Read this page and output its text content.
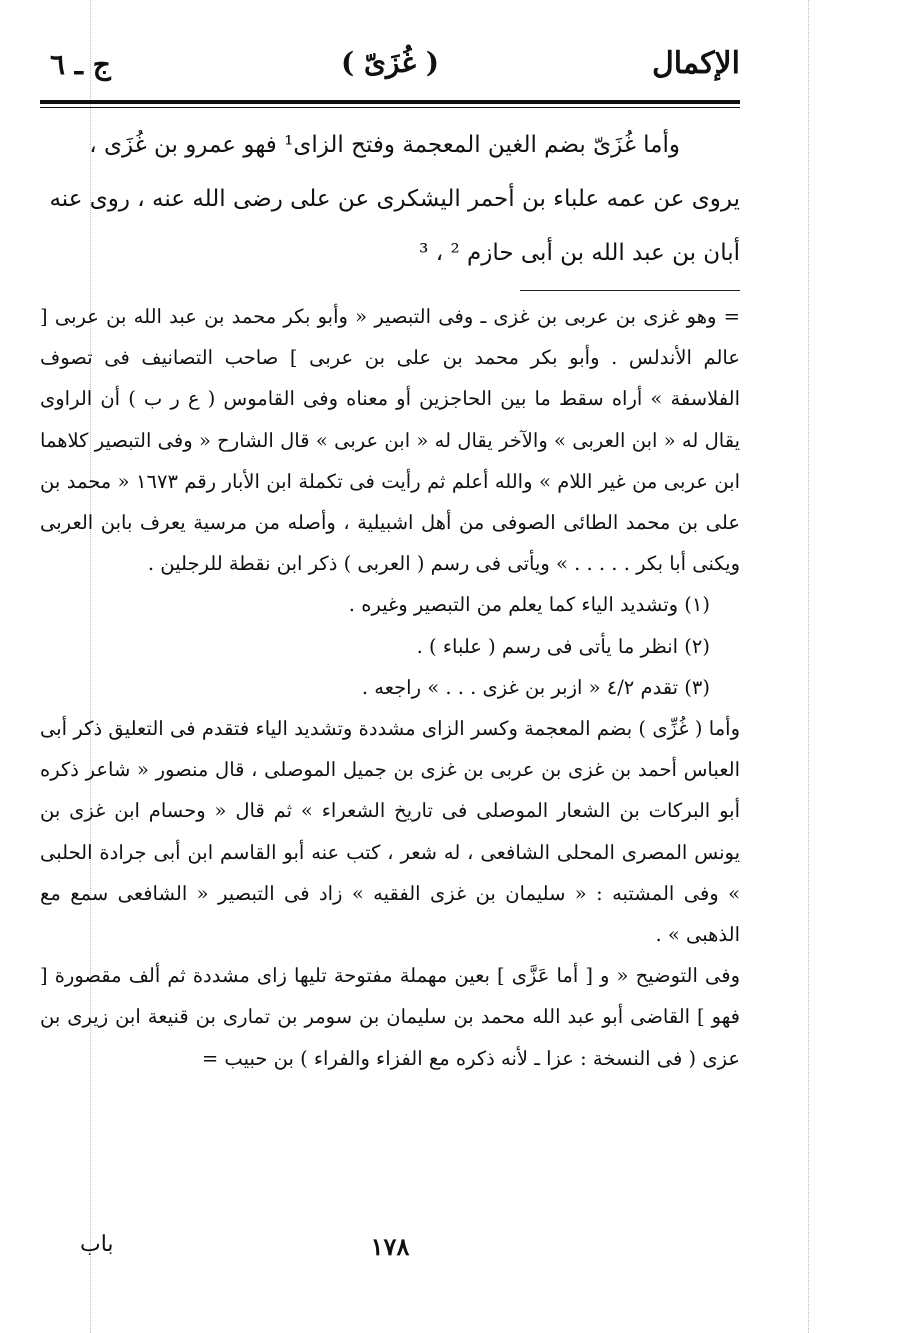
الإكمال
( غُزَىّ )
ج ـ ٦

وأما غُزَىّ بضم الغين المعجمة وفتح الزاى¹ فهو عمرو بن غُزَى ،

يروى عن عمه علباء بن أحمر اليشكرى عن على رضى الله عنه ، روى عنه

أبان بن عبد الله بن أبى حازم ² ، ³

= وهو غزى بن عربى بن غزى ـ وفى التبصير « وأبو بكر محمد بن عبد الله بن عربى [ عالم الأندلس . وأبو بكر محمد بن على بن عربى ] صاحب التصانيف فى تصوف الفلاسفة » أراه سقط ما بين الحاجزين أو معناه وفى القاموس ( ع ر ب ) أن الراوى يقال له « ابن العربى » والآخر يقال له « ابن عربى » قال الشارح « وفى التبصير كلاهما ابن عربى من غير اللام » والله أعلم ثم رأيت فى تكملة ابن الأبار رقم ١٦٧٣ « محمد بن على بن محمد الطائى الصوفى من أهل اشبيلية ، وأصله من مرسية يعرف بابن العربى ويكنى أبا بكر . . . . . » ويأتى فى رسم ( العربى ) ذكر ابن نقطة للرجلين .

(١) وتشديد الياء كما يعلم من التبصير وغيره .

(٢) انظر ما يأتى فى رسم ( علباء ) .

(٣) تقدم ٤/٢ « ازبر بن غزى . . . » راجعه .

وأما ( غُزِّى ) بضم المعجمة وكسر الزاى مشددة وتشديد الياء فتقدم فى التعليق ذكر أبى العباس أحمد بن غزى بن عربى بن غزى بن جميل الموصلى ، قال منصور « شاعر ذكره أبو البركات بن الشعار الموصلى فى تاريخ الشعراء » ثم قال « وحسام ابن غزى بن يونس المصرى المحلى الشافعى ، له شعر ، كتب عنه أبو القاسم ابن أبى جرادة الحلبى » وفى المشتبه : « سليمان بن غزى الفقيه » زاد فى التبصير « الشافعى سمع مع الذهبى » .

وفى التوضيح « و [ أما عَزَّى ] بعين مهملة مفتوحة تليها زاى مشددة ثم ألف مقصورة [ فهو ] القاضى أبو عبد الله محمد بن سليمان بن سومر بن تمارى بن قنيعة ابن زيرى بن عزى ( فى النسخة : عزا ـ لأنه ذكره مع الفزاء والفراء ) بن حبيب =

١٧٨
باب
